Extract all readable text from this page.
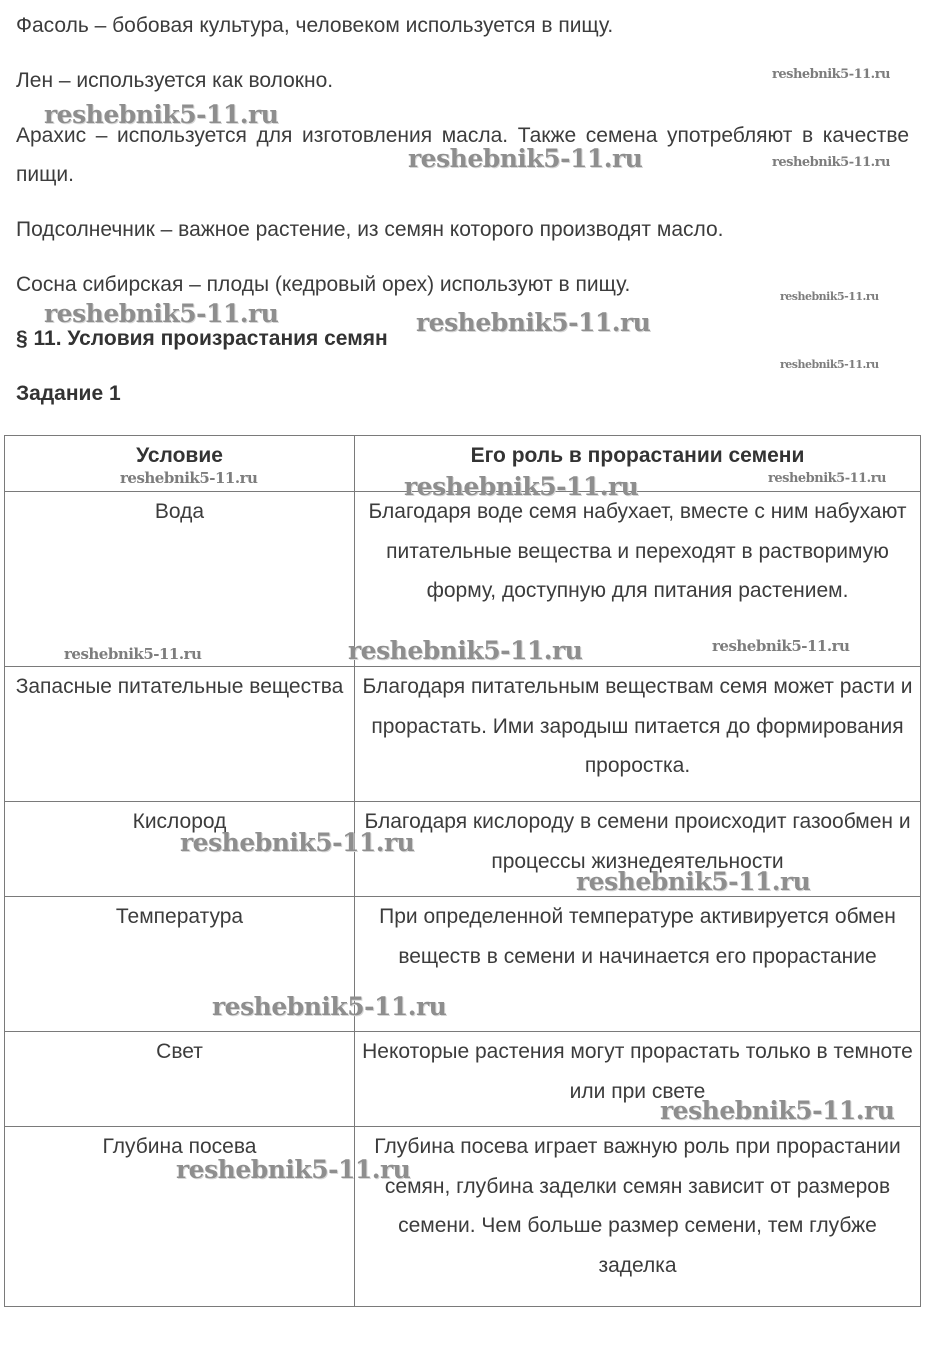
Фасоль – бобовая культура, человеком используется в пищу.

Лен – используется как волокно.

Арахис – используется для изготовления масла. Также семена употребляют в качестве пищи.

Подсолнечник – важное растение, из семян которого производят масло.

Сосна сибирская – плоды (кедровый орех) используют в пищу.

§ 11. Условия произрастания семян
Задание 1
Условие	Его роль в прорастании семени
Вода	Благодаря воде семя набухает, вместе с ним набухают питательные вещества и переходят в растворимую форму, доступную для питания растением.
Запасные питательные вещества	Благодаря питательным веществам семя может расти и прорастать. Ими зародыш питается до формирования проростка.
Кислород	Благодаря кислороду в семени происходит газообмен и процессы жизнедеятельности
Температура	При определенной температуре активируется обмен веществ в семени и начинается его прорастание
Свет	Некоторые растения могут прорастать только в темноте или при свете
Глубина посева	Глубина посева играет важную роль при прорастании семян, глубина заделки семян зависит от размеров семени. Чем больше размер семени, тем глубже заделка
reshebnik5-11.ru
reshebnik5-11.ru
reshebnik5-11.ru	reshebnik5-11.ru
reshebnik5-11.ru
reshebnik5-11.ru	reshebnik5-11.ru
reshebnik5-11.ru
reshebnik5-11.ru	reshebnik5-11.ru
reshebnik5-11.ru
reshebnik5-11.ru	reshebnik5-11.ru	reshebnik5-11.ru
reshebnik5-11.ru
reshebnik5-11.ru
reshebnik5-11.ru
reshebnik5-11.ru
reshebnik5-11.ru
